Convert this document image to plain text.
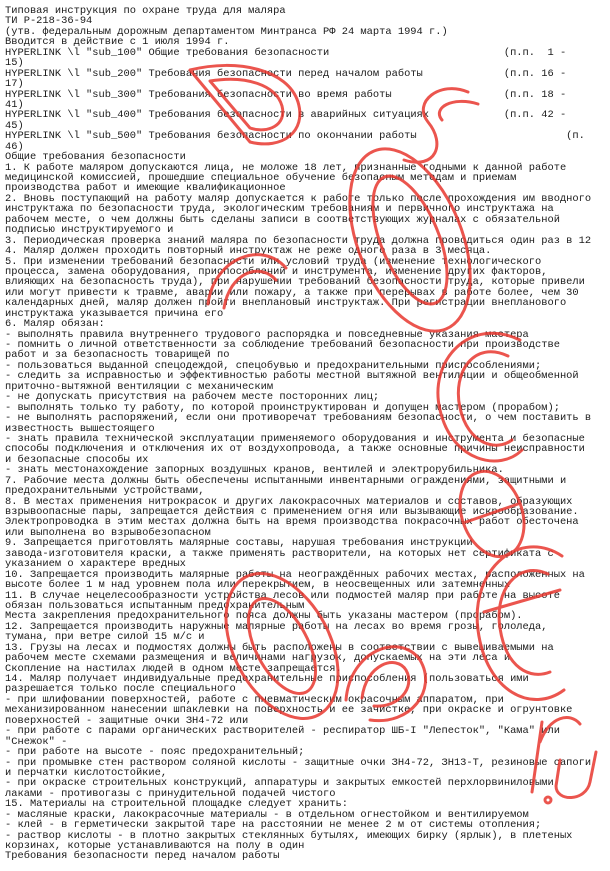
Типовая инструкция по охране труда для маляра
ТИ Р-218-36-94
(утв. федеральным дорожным департаментом Минтранса РФ 24 марта 1994 г.)
Вводится в действие с 1 июля 1994 г.
HYPERLINK \l "sub_100" Общие требования безопасности	(п.п.  1 -
15)
HYPERLINK \l "sub_200" Требования безопасности перед началом работы	(п.п. 16 -
17)
HYPERLINK \l "sub_300" Требования безопасности во время работы	(п.п. 18 -
41)
HYPERLINK \l "sub_400" Требования безопасности в аварийных ситуациях	(п.п. 42 -
45)
HYPERLINK \l "sub_500" Требования безопасности по окончании работы	(п.
46)
Общие требования безопасности
1. К работе маляром допускаются лица, не моложе 18 лет, признанные годными к данной работе
медицинской комиссией, прошедшие специальное обучение безопасным методам и приемам
производства работ и имеющие квалификационное
2. Вновь поступающий на работу маляр допускается к работе только после прохождения им вводного
инструктажа по безопасности труда, экологическим требованиям и первичного инструктажа на
рабочем месте, о чем должны быть сделаны записи в соответствующих журналах с обязательной
подписью инструктируемого и
3. Периодическая проверка знаний маляра по безопасности труда должна проводиться один раз в 12
4. Маляр должен проходить повторный инструктаж не реже одного раза в 3 месяца.
5. При изменении требований безопасности или условий труда (изменение технологического
процесса, замена оборудования, приспособлений и инструмента, изменение других факторов,
влияющих на безопасность труда), при нарушении требований безопасности труда, которые привели
или могут привести к травме, аварии или пожару, а также при перерывах в работе более, чем 30
календарных дней, маляр должен пройти внеплановый инструктаж. При регистрации внепланового
инструктажа указывается причина его
6. Маляр обязан:
- выполнять правила внутреннего трудового распорядка и повседневные указания мастера
- помнить о личной ответственности за соблюдение требований безопасности при производстве
работ и за безопасность товарищей по
- пользоваться выданной спецодеждой, спецобувью и предохранительными приспособлениями;
- следить за исправностью и эффективностью работы местной вытяжной вентиляции и общеобменной
приточно-вытяжной вентиляции с механическим
- не допускать присутствия на рабочем месте посторонних лиц;
- выполнять только ту работу, по которой проинструктирован и допущен мастером (прорабом);
- не выполнять распоряжений, если они противоречат требованиям безопасности, о чем поставить в
известность вышестоящего
- знать правила технической эксплуатации применяемого оборудования и инструмента и безопасные
способы подключения и отключения их от воздухопровода, а также основные причины неисправности
и безопасные способы их
- знать местонахождение запорных воздушных кранов, вентилей и электрорубильника.
7. Рабочие места должны быть обеспечены испытанными инвентарными ограждениями, защитными и
предохранительными устройствами,
8. В местах применения нитрокрасок и других лакокрасочных материалов и составов, образующих
взрывоопасные пары, запрещается действия с применением огня или вызывающие искрообразование.
Электропроводка в этим местах должна быть на время производства покрасочных работ обесточена
или выполнена во взрывобезопасном
9. Запрещается приготовлять малярные составы, нарушая требования инструкции
завода-изготовителя краски, а также применять растворители, на которых нет сертификата с
указанием о характере вредных
10. Запрещается производить малярные работы на неограждённых рабочих местах, расположенных на
высоте более 1 м над уровнем пола или перекрытием, в неосвещенных или затемненных
11. В случае нецелесообразности устройства лесов или подмостей маляр при работе на высоте
обязан пользоваться испытанным предохранительным
Места закрепления предохранительного пояса должны быть указаны мастером (прорабом).
12. Запрещается производить наружные малярные работы на лесах во время грозы, гололеда,
тумана, при ветре силой 15 м/с и
13. Грузы на лесах и подмостях должны быть расположены в соответствии с вывешиваемыми на
рабочем месте схемами размещения и величинами нагрузок, допускаемых на эти леса и
Скопление на настилах людей в одном месте запрещается.
14. Маляр получает индивидуальные предохранительные приспособления (пользоваться ими
разрешается только после специального
- при шлифовании поверхностей, работе с пневматическим окрасочным аппаратом, при
механизированном нанесении шпаклевки на поверхность и ее зачистке, при окраске и огрунтовке
поверхностей - защитные очки ЗН4-72 или
- при работе с парами органических растворителей - респиратор ШБ-I "Лепесток", "Кама" или
"Снежок" -
- при работе на высоте - пояс предохранительный;
- при промывке стен раствором соляной кислоты - защитные очки ЗН4-72, ЗН13-Т, резиновые сапоги
и перчатки кислотостойкие,
- при окраске строительных конструкций, аппаратуры и закрытых емкостей перхлорвиниловыми
лаками - противогазы с принудительной подачей чистого
15. Материалы на строительной площадке следует хранить:
- масляные краски, лакокрасочные материалы - в отдельном огнестойком и вентилируемом
- клей - в герметически закрытой таре на расстоянии не менее 2 м от системы отопления;
- раствор кислоты - в плотно закрытых стеклянных бутылях, имеющих бирку (ярлык), в плетеных
корзинах, которые устанавливаются на полу в один
Требования безопасности перед началом работы
